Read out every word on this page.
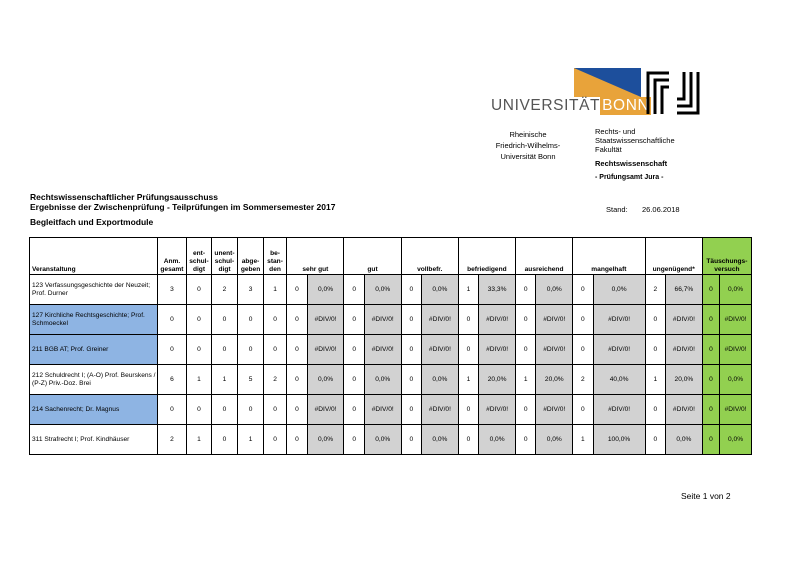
UNIVERSITÄT BONN
Rheinische
Friedrich-Wilhelms-
Universität Bonn
Rechts- und
Staatswissenschaftliche
Fakultät
Rechtswissenschaft
- Prüfungsamt Jura -
Rechtswissenschaftlicher Prüfungsausschuss
Ergebnisse der Zwischenprüfung - Teilprüfungen im Sommersemester 2017
Begleitfach und Exportmodule
Stand: 26.06.2018
Veranstaltung	Anm. gesamt	ent- schul- digt	unent- schul- digt	abge- geben	be- stan- den	sehr gut		gut		vollbefr.		befriedigend		ausreichend		mangelhaft		ungenügend*		Täuschungs- versuch	
123 Verfassungsgeschichte der Neuzeit; Prof. Durner	3	0	2	3	1	0	0,0%	0	0,0%	0	0,0%	1	33,3%	0	0,0%	0	0,0%	2	66,7%	0	0,0%
127 Kirchliche Rechtsgeschichte; Prof. Schmoeckel	0	0	0	0	0	0	#DIV/0!	0	#DIV/0!	0	#DIV/0!	0	#DIV/0!	0	#DIV/0!	0	#DIV/0!	0	#DIV/0!	0	#DIV/0!
211 BGB AT; Prof. Greiner	0	0	0	0	0	0	#DIV/0!	0	#DIV/0!	0	#DIV/0!	0	#DIV/0!	0	#DIV/0!	0	#DIV/0!	0	#DIV/0!	0	#DIV/0!
212 Schuldrecht I; (A-O) Prof. Beurskens / (P-Z) Priv.-Doz. Brei	6	1	1	5	2	0	0,0%	0	0,0%	0	0,0%	1	20,0%	1	20,0%	2	40,0%	1	20,0%	0	0,0%
214 Sachenrecht; Dr. Magnus	0	0	0	0	0	0	#DIV/0!	0	#DIV/0!	0	#DIV/0!	0	#DIV/0!	0	#DIV/0!	0	#DIV/0!	0	#DIV/0!	0	#DIV/0!
311 Strafrecht I; Prof. Kindhäuser	2	1	0	1	0	0	0,0%	0	0,0%	0	0,0%	0	0,0%	0	0,0%	1	100,0%	0	0,0%	0	0,0%
Seite 1 von 2
